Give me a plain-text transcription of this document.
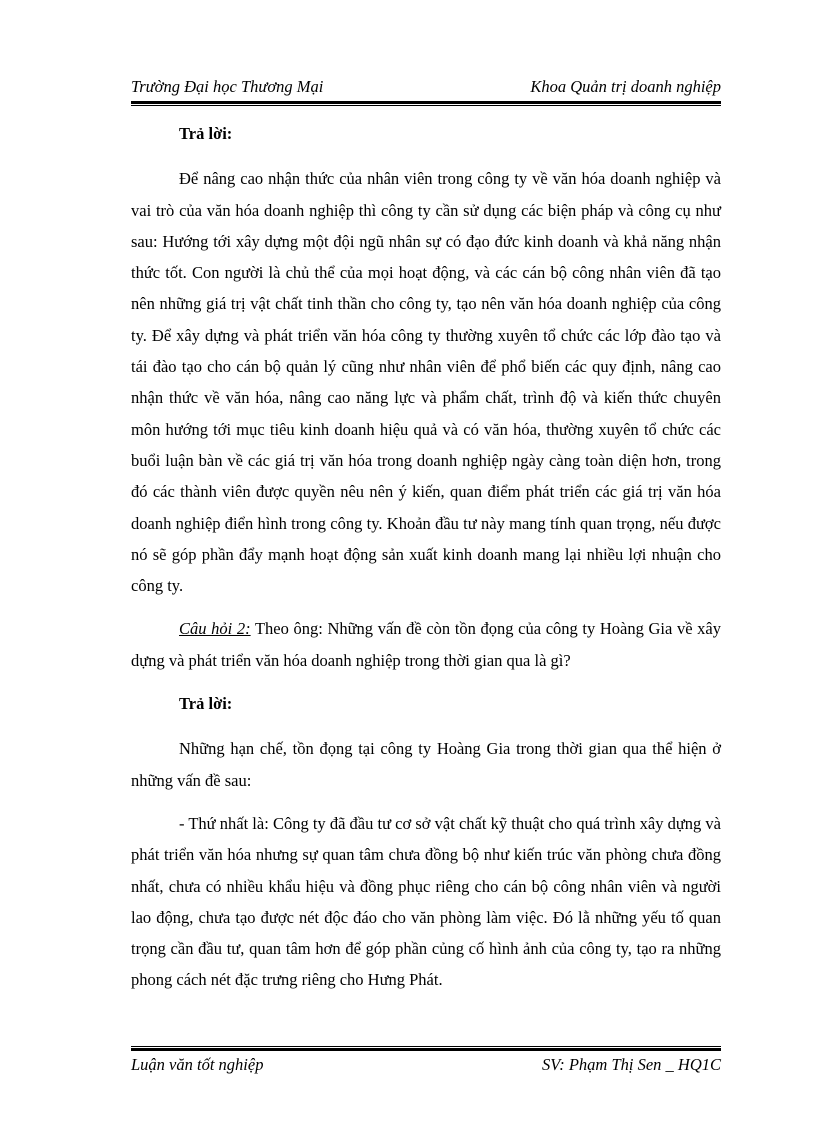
Trường Đại học Thương Mại	Khoa Quản trị doanh nghiệp

Trả lời:

Để nâng cao nhận thức của nhân viên trong công ty về văn hóa doanh nghiệp và vai trò của văn hóa doanh nghiệp thì công ty cần sử dụng các biện pháp và công cụ như sau: Hướng tới xây dựng một đội ngũ nhân sự có đạo đức kinh doanh và khả năng nhận thức tốt. Con người là chủ thể của mọi hoạt động, và các cán bộ công nhân viên đã tạo nên những giá trị vật chất tinh thần cho công ty, tạo nên văn hóa doanh nghiệp của công ty. Để xây dựng và phát triển văn hóa công ty thường xuyên tổ chức các lớp đào tạo và tái đào tạo cho cán bộ quản lý cũng như nhân viên để phổ biến các quy định, nâng cao nhận thức về văn hóa, nâng cao năng lực và phẩm chất, trình độ và kiến thức chuyên môn hướng tới mục tiêu kinh doanh hiệu quả và có văn hóa, thường xuyên tổ chức các buổi luận bàn về các giá trị văn hóa trong doanh nghiệp ngày càng toàn diện hơn, trong đó các thành viên được quyền nêu nên ý kiến, quan điểm phát triển các giá trị văn hóa doanh nghiệp điển hình trong công ty. Khoản đầu tư này mang tính quan trọng, nếu được nó sẽ góp phần đẩy mạnh hoạt động sản xuất kinh doanh mang lại nhiều lợi nhuận cho công ty.

Câu hỏi 2: Theo ông: Những vấn đề còn tồn đọng của công ty Hoàng Gia về xây dựng và phát triển văn hóa doanh nghiệp trong thời gian qua là gì?

Trả lời:

Những hạn chế, tồn đọng tại công ty Hoàng Gia trong thời gian qua thể hiện ở những vấn đề sau:

- Thứ nhất là: Công ty đã đầu tư cơ sở vật chất kỹ thuật cho quá trình xây dựng và phát triển văn hóa nhưng sự quan tâm chưa đồng bộ như kiến trúc văn phòng chưa đồng nhất, chưa có nhiều khẩu hiệu và đồng phục riêng cho cán bộ công nhân viên và người lao động, chưa tạo được nét độc đáo cho văn phòng làm việc. Đó lằ những yếu tố quan trọng cần đầu tư, quan tâm hơn để góp phần củng cố hình ảnh của công ty, tạo ra những phong cách nét đặc trưng riêng cho Hưng Phát.

Luận văn tốt nghiệp	SV: Phạm Thị Sen _ HQ1C
